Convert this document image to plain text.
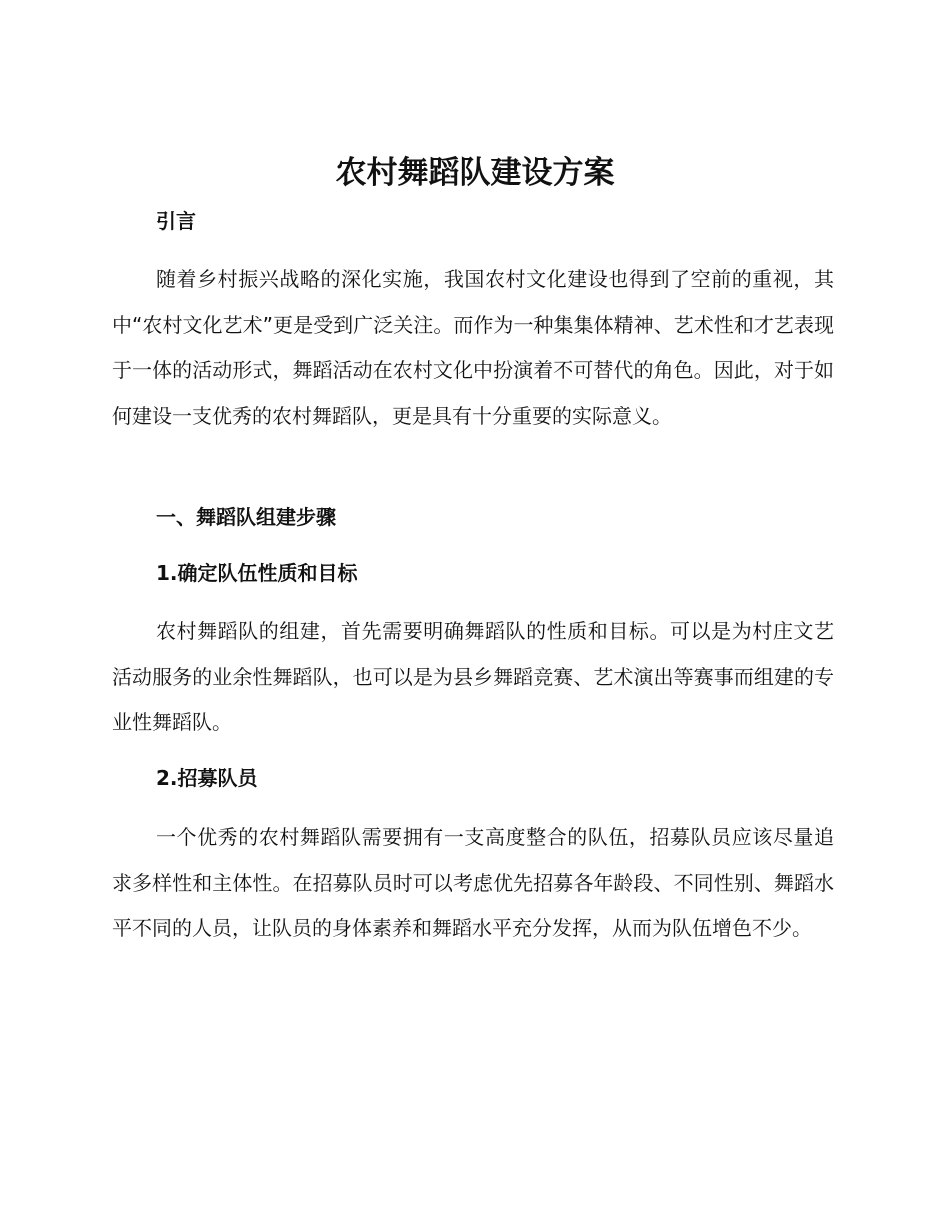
农村舞蹈队建设方案
引言

随着乡村振兴战略的深化实施，我国农村文化建设也得到了空前的重视，其中“农村文化艺术”更是受到广泛关注。而作为一种集集体精神、艺术性和才艺表现于一体的活动形式，舞蹈活动在农村文化中扮演着不可替代的角色。因此，对于如何建设一支优秀的农村舞蹈队，更是具有十分重要的实际意义。

一、舞蹈队组建步骤
1.确定队伍性质和目标

农村舞蹈队的组建，首先需要明确舞蹈队的性质和目标。可以是为村庄文艺活动服务的业余性舞蹈队，也可以是为县乡舞蹈竞赛、艺术演出等赛事而组建的专业性舞蹈队。

2.招募队员

一个优秀的农村舞蹈队需要拥有一支高度整合的队伍，招募队员应该尽量追求多样性和主体性。在招募队员时可以考虑优先招募各年龄段、不同性别、舞蹈水平不同的人员，让队员的身体素养和舞蹈水平充分发挥，从而为队伍增色不少。
